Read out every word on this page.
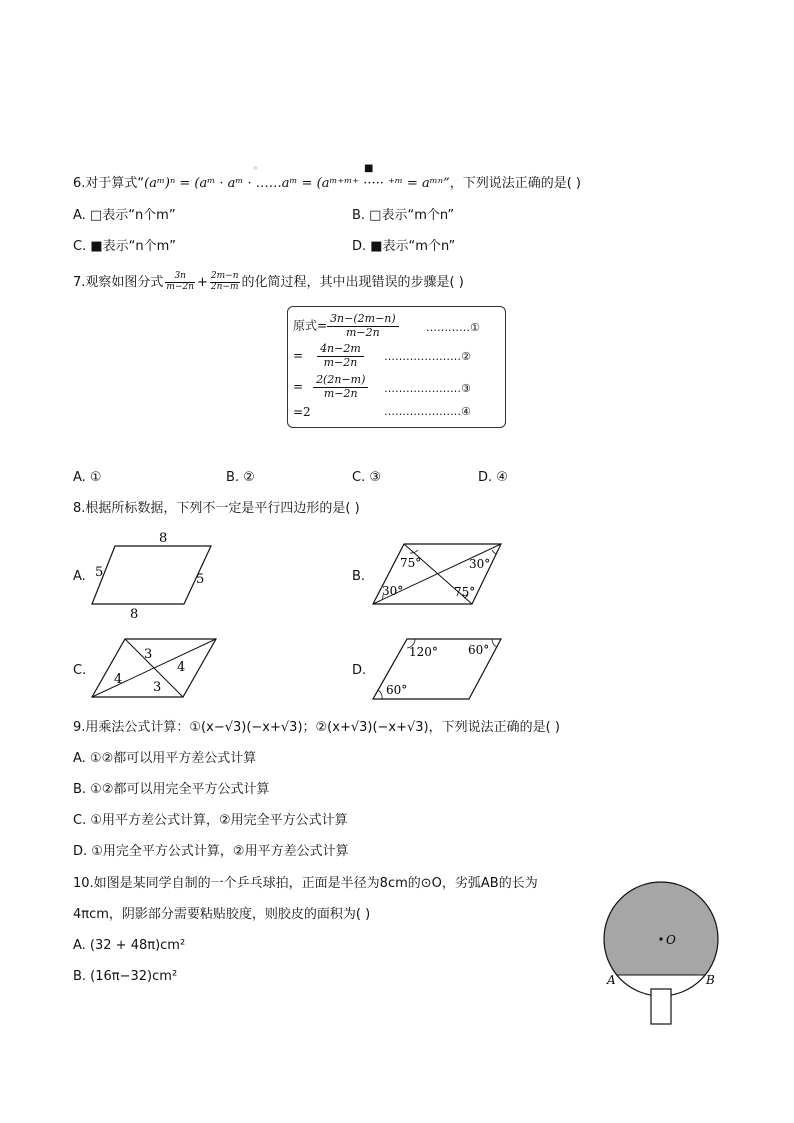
6.对于算式“(aᵐ)ⁿ = (aᵐ · aᵐ · ……aᵐ = (aᵐ⁺ᵐ⁺ ····· ⁺ᵐ = aᵐⁿ”，下列说法正确的是( )
◦	■
A. □表示“n个m”	B. □表示“m个n”
C. ■表示“n个m”	D. ■表示“m个n”
7.观察如图分式 $\frac{3n}{m-2n} + \frac{2m-n}{2n-m}$ 的化简过程，其中出现错误的步骤是( )
原式= $\frac{3n-(2m-n)}{m-2n}$ …………①
= $\frac{4n-2m}{m-2n}$ …………………②
= $\frac{2(2n-m)}{m-2n}$ …………………③
=2	…………………④
A. ①	B. ②	C. ③	D. ④
8.根据所标数据，下列不一定是平行四边形的是( )
A.
8
8
5	5	B.
75°	30°
30°	75°
C.
3
4
4
3
D.
120°	60°
60°
9.用乘法公式计算：①(x−√3)(−x+√3)；②(x+√3)(−x+√3)，下列说法正确的是( )
A. ①②都可以用平方差公式计算
B. ①②都可以用完全平方公式计算
C. ①用平方差公式计算，②用完全平方公式计算
D. ①用完全平方公式计算，②用平方差公式计算
10.如图是某同学自制的一个乒乓球拍，正面是半径为8cm的⊙O，劣弧AB的长为
4πcm，阴影部分需要粘贴胶度，则胶皮的面积为( )
A. (32 + 48π)cm²
B. (16π−32)cm²
O
A	B
